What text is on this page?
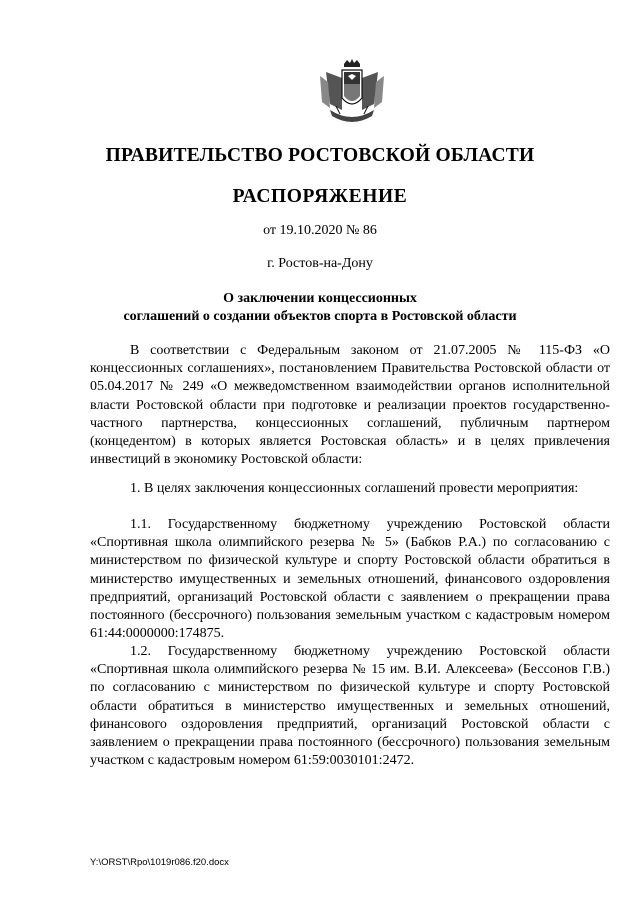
ПРАВИТЕЛЬСТВО РОСТОВСКОЙ ОБЛАСТИ
РАСПОРЯЖЕНИЕ
от 19.10.2020 № 86
г. Ростов-на-Дону
О заключении концессионных
соглашений о создании объектов спорта в Ростовской области

В соответствии с Федеральным законом от 21.07.2005 № 115-ФЗ «О концессионных соглашениях», постановлением Правительства Ростовской области от 05.04.2017 № 249 «О межведомственном взаимодействии органов исполнительной власти Ростовской области при подготовке и реализации проектов государственно-частного партнерства, концессионных соглашений, публичным партнером (концедентом) в которых является Ростовская область» и в целях привлечения инвестиций в экономику Ростовской области:

1. В целях заключения концессионных соглашений провести мероприятия:

1.1. Государственному бюджетному учреждению Ростовской области «Спортивная школа олимпийского резерва № 5» (Бабков Р.А.) по согласованию с министерством по физической культуре и спорту Ростовской области обратиться в министерство имущественных и земельных отношений, финансового оздоровления предприятий, организаций Ростовской области с заявлением о прекращении права постоянного (бессрочного) пользования земельным участком с кадастровым номером 61:44:0000000:174875.

1.2. Государственному бюджетному учреждению Ростовской области «Спортивная школа олимпийского резерва № 15 им. В.И. Алексеева» (Бессонов Г.В.) по согласованию с министерством по физической культуре и спорту Ростовской области обратиться в министерство имущественных и земельных отношений, финансового оздоровления предприятий, организаций Ростовской области с заявлением о прекращении права постоянного (бессрочного) пользования земельным участком с кадастровым номером 61:59:0030101:2472.

Y:\ORST\Rpo\1019r086.f20.docx
